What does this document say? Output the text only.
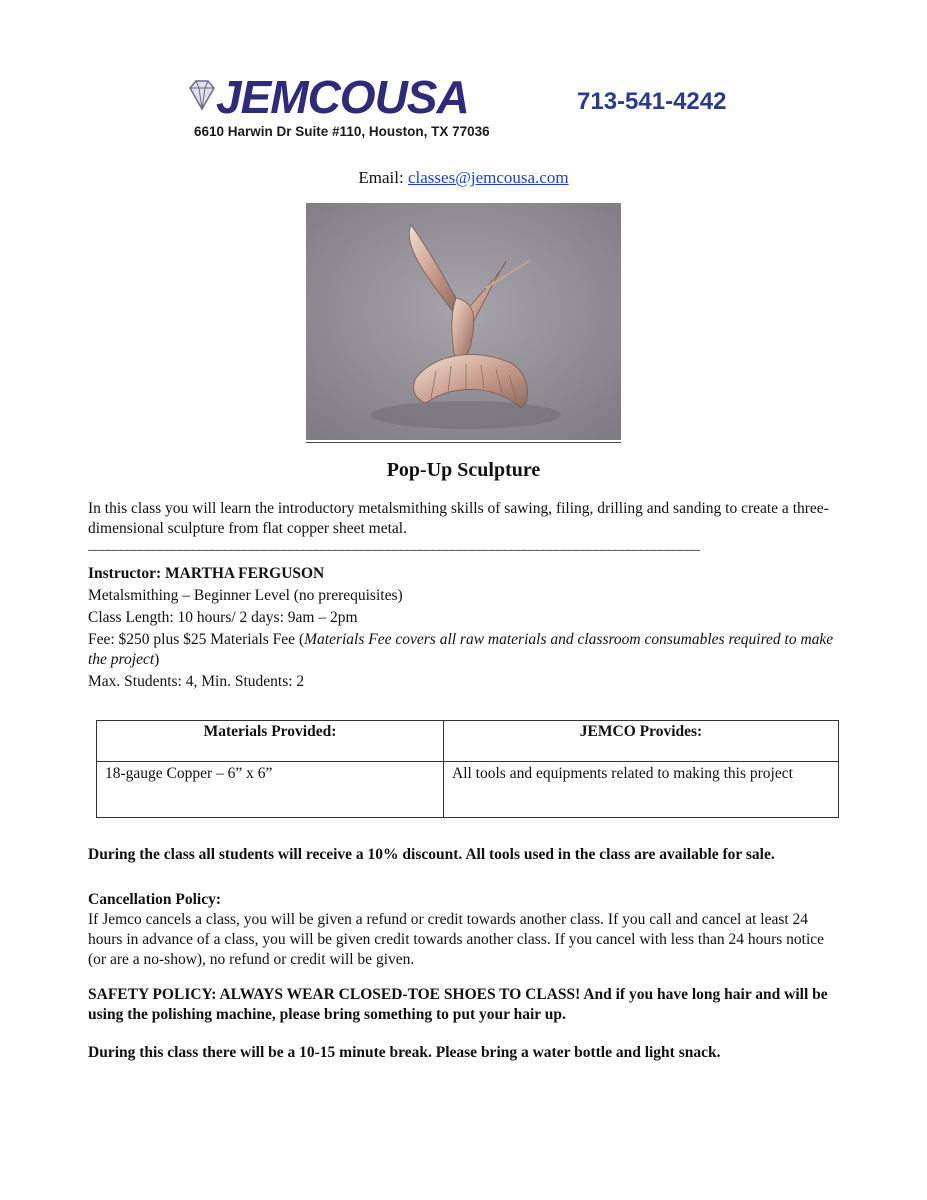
JEMCOUSA
6610 Harwin Dr Suite #110, Houston, TX 77036
713-541-4242
Email: classes@jemcousa.com
Pop-Up Sculpture
In this class you will learn the introductory metalsmithing skills of sawing, filing, drilling and sanding to create a three-dimensional sculpture from flat copper sheet metal.
______________________________________________________________________________________________
Instructor: MARTHA FERGUSON
Metalsmithing – Beginner Level (no prerequisites)
Class Length: 10 hours/ 2 days: 9am – 2pm
Fee: $250 plus $25 Materials Fee (Materials Fee covers all raw materials and classroom consumables required to make the project)
Max. Students: 4, Min. Students: 2
Materials Provided:	JEMCO Provides:
18-gauge Copper – 6” x 6”	All tools and equipments related to making this project
During the class all students will receive a 10% discount. All tools used in the class are available for sale.
Cancellation Policy:
If Jemco cancels a class, you will be given a refund or credit towards another class. If you call and cancel at least 24 hours in advance of a class, you will be given credit towards another class. If you cancel with less than 24 hours notice (or are a no-show), no refund or credit will be given.
SAFETY POLICY: ALWAYS WEAR CLOSED-TOE SHOES TO CLASS! And if you have long hair and will be using the polishing machine, please bring something to put your hair up.
During this class there will be a 10-15 minute break. Please bring a water bottle and light snack.
